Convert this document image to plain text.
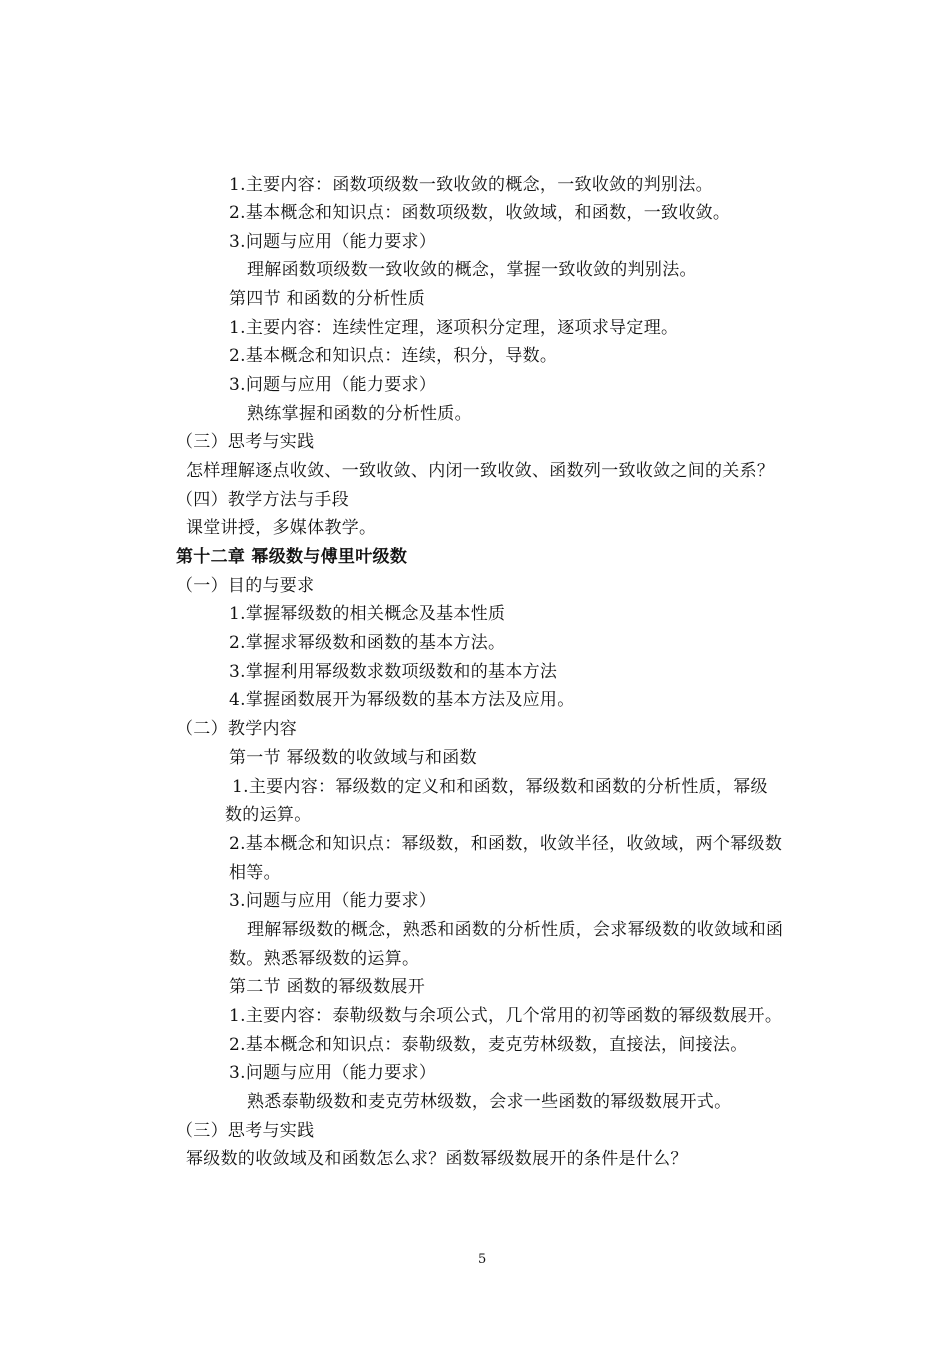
1.主要内容：函数项级数一致收敛的概念，一致收敛的判别法。
2.基本概念和知识点：函数项级数，收敛域，和函数，一致收敛。
3.问题与应用（能力要求）
理解函数项级数一致收敛的概念，掌握一致收敛的判别法。
第四节 和函数的分析性质
1.主要内容：连续性定理，逐项积分定理，逐项求导定理。
2.基本概念和知识点：连续，积分，导数。
3.问题与应用（能力要求）
熟练掌握和函数的分析性质。
（三）思考与实践
怎样理解逐点收敛、一致收敛、内闭一致收敛、函数列一致收敛之间的关系？
（四）教学方法与手段
课堂讲授，多媒体教学。
第十二章 幂级数与傅里叶级数
（一）目的与要求
1.掌握幂级数的相关概念及基本性质
2.掌握求幂级数和函数的基本方法。
3.掌握利用幂级数求数项级数和的基本方法
4.掌握函数展开为幂级数的基本方法及应用。
（二）教学内容
第一节 幂级数的收敛域与和函数
1.主要内容：幂级数的定义和和函数，幂级数和函数的分析性质，幂级
数的运算。
2.基本概念和知识点：幂级数，和函数，收敛半径，收敛域，两个幂级数
相等。
3.问题与应用（能力要求）
理解幂级数的概念，熟悉和函数的分析性质，会求幂级数的收敛域和函
数。熟悉幂级数的运算。
第二节 函数的幂级数展开
1.主要内容：泰勒级数与余项公式，几个常用的初等函数的幂级数展开。
2.基本概念和知识点：泰勒级数，麦克劳林级数，直接法，间接法。
3.问题与应用（能力要求）
熟悉泰勒级数和麦克劳林级数，会求一些函数的幂级数展开式。
（三）思考与实践
幂级数的收敛域及和函数怎么求？函数幂级数展开的条件是什么？
5
